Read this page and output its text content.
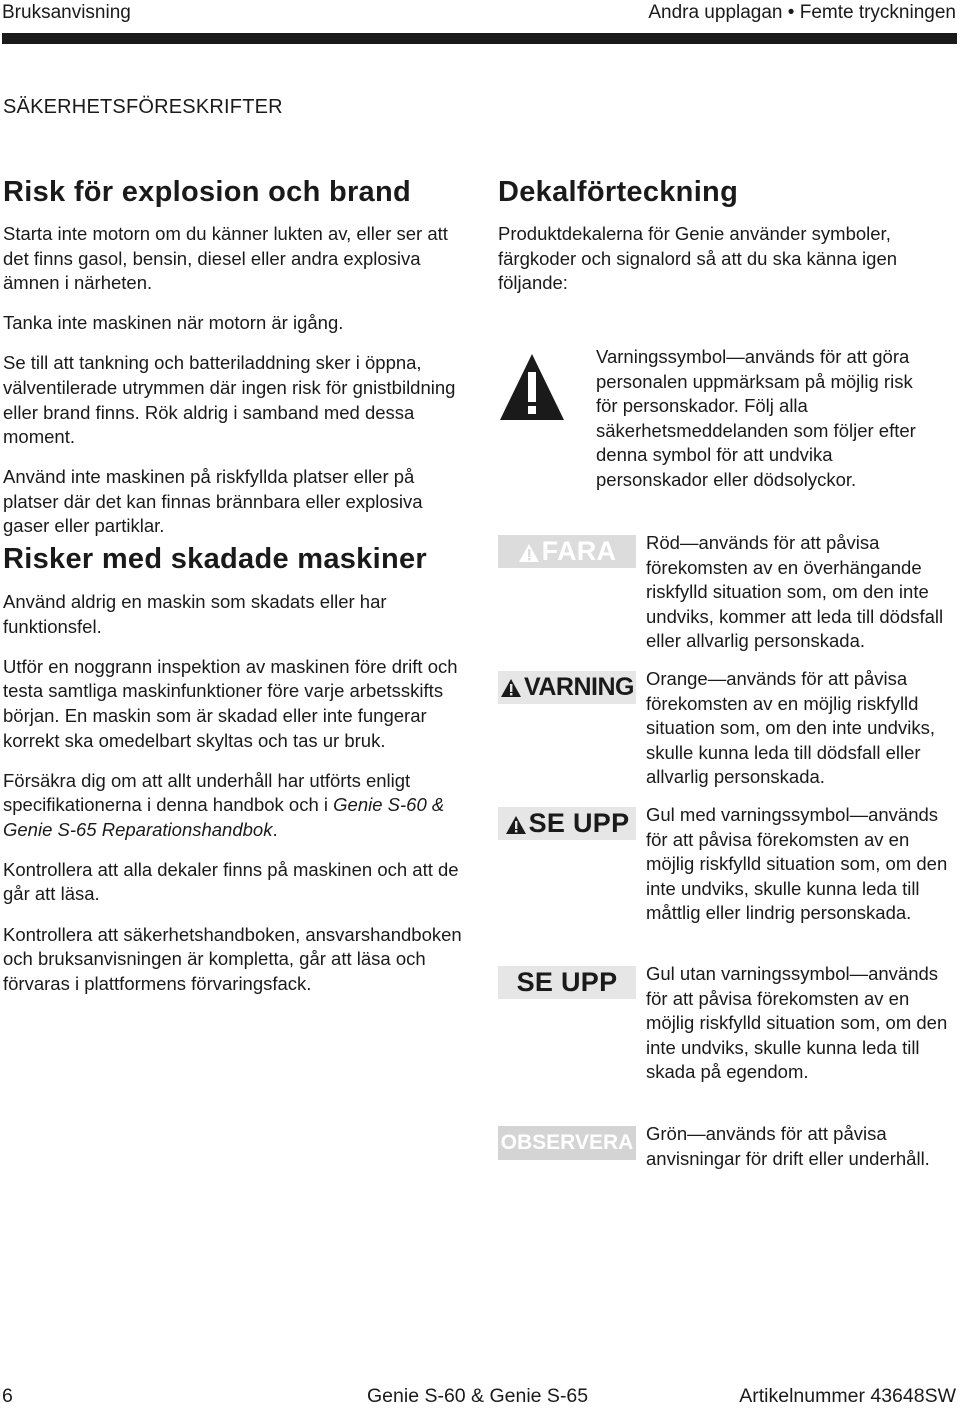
Bruksanvisning	Andra upplagan • Femte tryckningen
SÄKERHETSFÖRESKRIFTER
Risk för explosion och brand

Starta inte motorn om du känner lukten av, eller ser att det finns gasol, bensin, diesel eller andra explosiva ämnen i närheten.

Tanka inte maskinen när motorn är igång.

Se till att tankning och batteriladdning sker i öppna, välventilerade utrymmen där ingen risk för gnistbildning eller brand finns. Rök aldrig i samband med dessa moment.

Använd inte maskinen på riskfyllda platser eller på platser där det kan finnas brännbara eller explosiva gaser eller partiklar.

Risker med skadade maskiner

Använd aldrig en maskin som skadats eller har funktionsfel.

Utför en noggrann inspektion av maskinen före drift och testa samtliga maskinfunktioner före varje arbetsskifts början. En maskin som är skadad eller inte fungerar korrekt ska omedelbart skyltas och tas ur bruk.

Försäkra dig om att allt underhåll har utförts enligt specifikationerna i denna handbok och i Genie S-60 & Genie S-65 Reparationshandbok.

Kontrollera att alla dekaler finns på maskinen och att de går att läsa.

Kontrollera att säkerhetshandboken, ansvarshandboken och bruksanvisningen är kompletta, går att läsa och förvaras i plattformens förvaringsfack.

Dekalförteckning

Produktdekalerna för Genie använder symboler, färgkoder och signalord så att du ska känna igen följande:

Varningssymbol—används för att göra personalen uppmärksam på möjlig risk för personskador. Följ alla säkerhetsmeddelanden som följer efter denna symbol för att undvika personskador eller dödsolyckor.
FARA	Röd—används för att påvisa förekomsten av en överhängande riskfylld situation som, om den inte undviks, kommer att leda till dödsfall eller allvarlig personskada.
VARNING Orange—används för att påvisa förekomsten av en möjlig riskfylld situation som, om den inte undviks, skulle kunna leda till dödsfall eller allvarlig personskada.
SE UPP Gul med varningssymbol—används för att påvisa förekomsten av en möjlig riskfylld situation som, om den inte undviks, skulle kunna leda till måttlig eller lindrig personskada.
SE UPP	Gul utan varningssymbol—används för att påvisa förekomsten av en möjlig riskfylld situation som, om den inte undviks, skulle kunna leda till skada på egendom.
OBSERVERA Grön—används för att påvisa anvisningar för drift eller underhåll.
6	Genie S-60 & Genie S-65	Artikelnummer 43648SW
